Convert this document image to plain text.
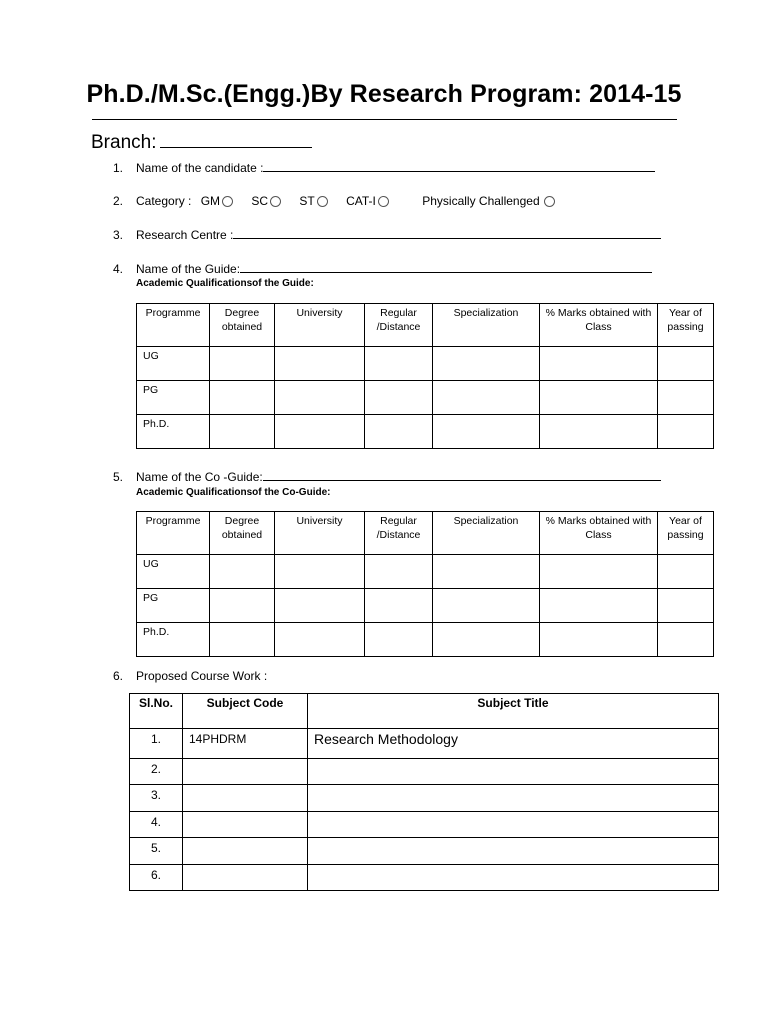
Ph.D./M.Sc.(Engg.)By Research Program: 2014-15
Branch:
1. Name of the candidate :
2. Category : GM	SC	ST	CAT-I	Physically Challenged
3. Research Centre :
4. Name of the Guide:
Academic Qualificationsof the Guide:
Programme	Degree obtained	University	Regular /Distance	Specialization	% Marks obtained with Class	Year of passing
UG						
PG						
Ph.D.						
5. Name of the Co -Guide:
Academic Qualificationsof the Co-Guide:
Programme	Degree obtained	University	Regular /Distance	Specialization	% Marks obtained with Class	Year of passing
UG						
PG						
Ph.D.						
6. Proposed Course Work :
Sl.No.	Subject Code	Subject Title
1.	14PHDRM	Research Methodology
2.		
3.		
4.		
5.		
6.		
